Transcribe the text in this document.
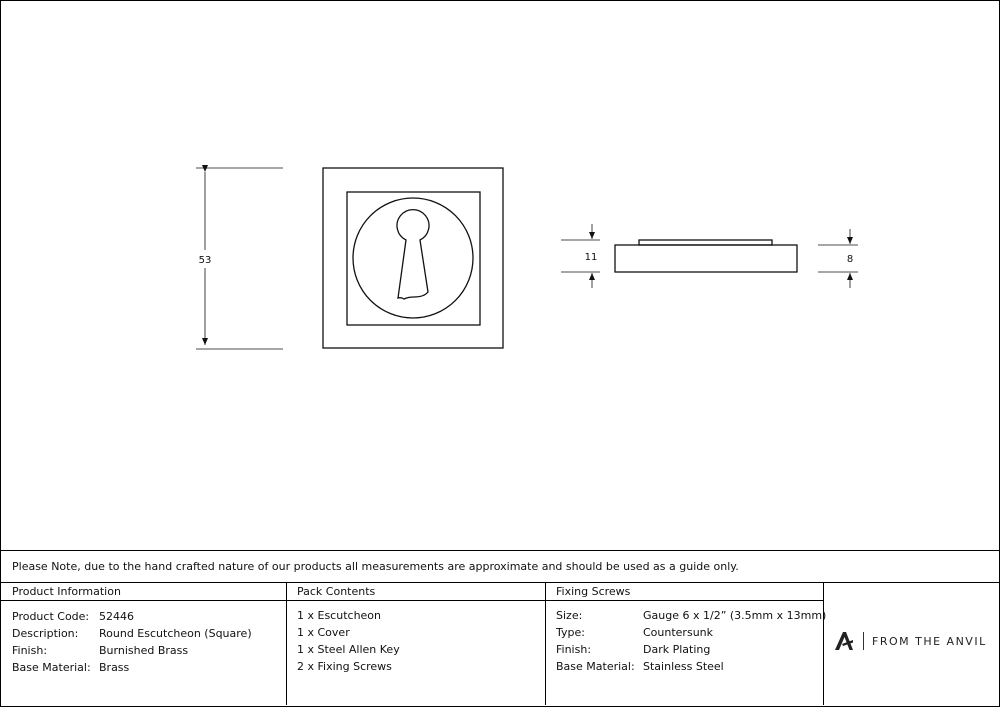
53	11	8
Please Note, due to the hand crafted nature of our products all measurements are approximate and should be used as a guide only.
Product Information
Product Code: 52446
Description:	Round Escutcheon (Square)
Finish:	Burnished Brass
Base Material: Brass
Pack Contents
1 x Escutcheon
1 x Cover
1 x Steel Allen Key
2 x Fixing Screws
Fixing Screws
Size:	Gauge 6 x 1/2” (3.5mm x 13mm)
Type:	Countersunk
Finish:	Dark Plating
Base Material: Stainless Steel
FROM THE ANVIL
